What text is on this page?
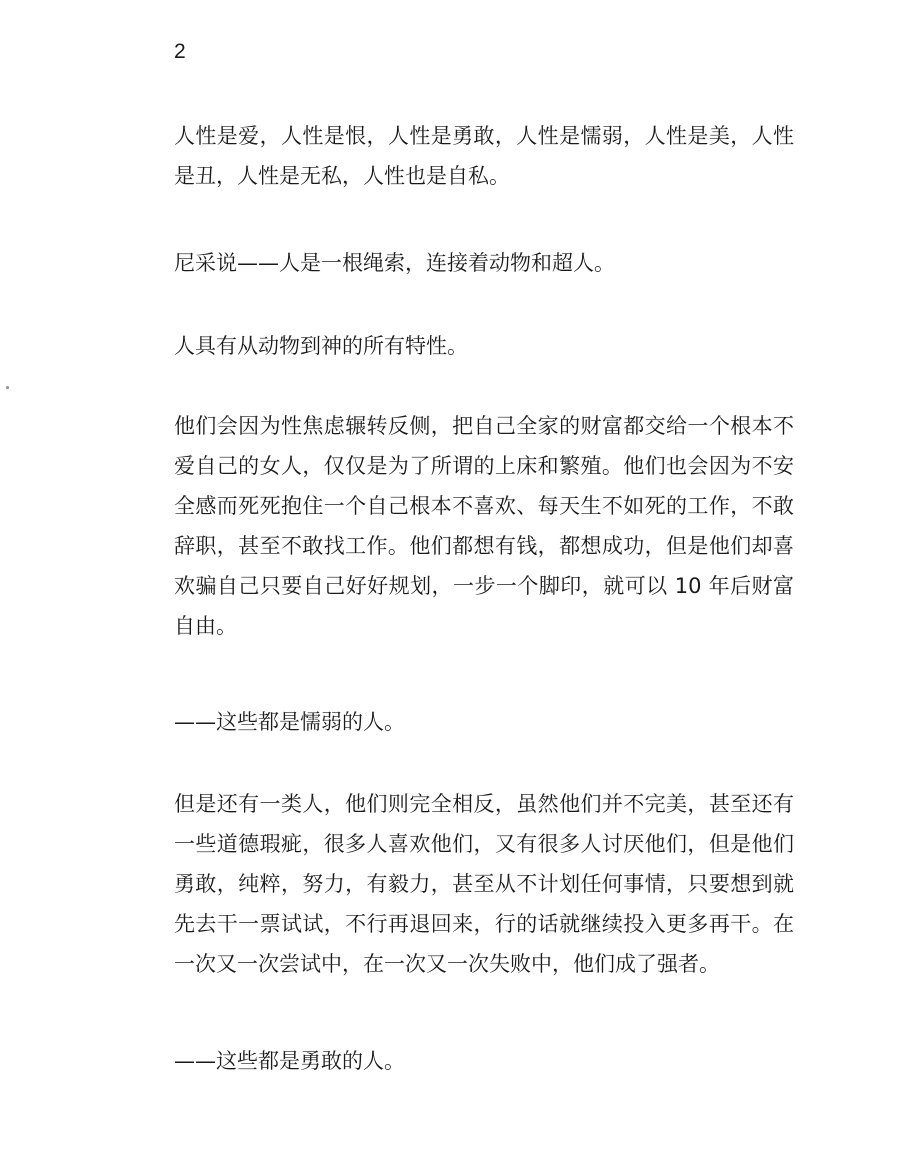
2

人性是爱，人性是恨，人性是勇敢，人性是懦弱，人性是美，人性是丑，人性是无私，人性也是自私。

尼采说——人是一根绳索，连接着动物和超人。

人具有从动物到神的所有特性。

他们会因为性焦虑辗转反侧，把自己全家的财富都交给一个根本不爱自己的女人，仅仅是为了所谓的上床和繁殖。他们也会因为不安全感而死死抱住一个自己根本不喜欢、每天生不如死的工作，不敢辞职，甚至不敢找工作。他们都想有钱，都想成功，但是他们却喜欢骗自己只要自己好好规划，一步一个脚印，就可以 10 年后财富自由。

——这些都是懦弱的人。

但是还有一类人，他们则完全相反，虽然他们并不完美，甚至还有一些道德瑕疵，很多人喜欢他们，又有很多人讨厌他们，但是他们勇敢，纯粹，努力，有毅力，甚至从不计划任何事情，只要想到就先去干一票试试，不行再退回来，行的话就继续投入更多再干。在一次又一次尝试中，在一次又一次失败中，他们成了强者。

——这些都是勇敢的人。
